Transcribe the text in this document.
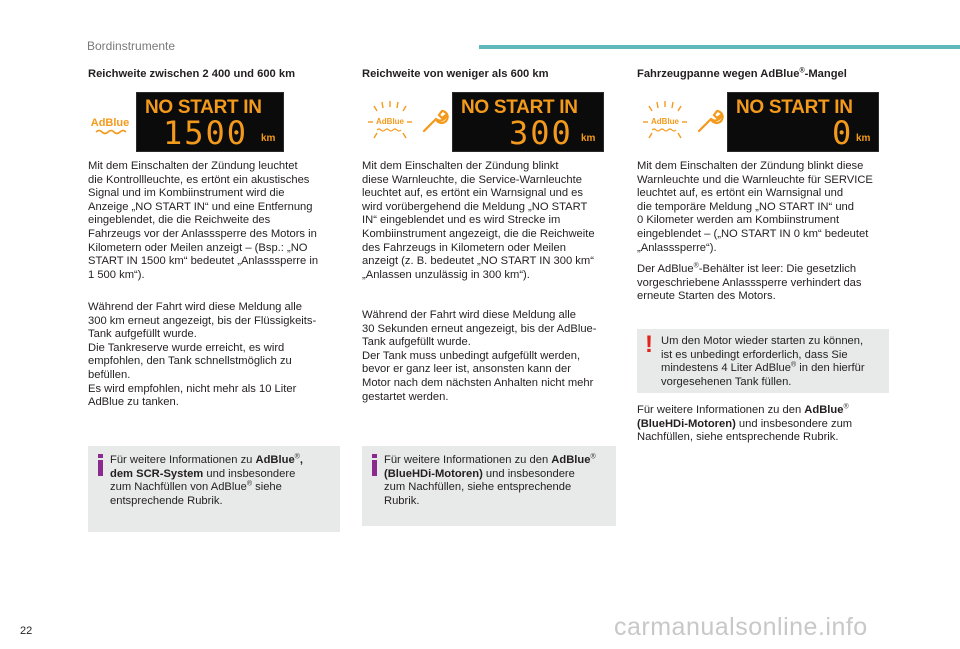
Bordinstrumente

Reichweite zwischen 2 400 und 600 km

AdBlue
NO START IN
1500 km
Mit dem Einschalten der Zündung leuchtet
die Kontrollleuchte, es ertönt ein akustisches
Signal und im Kombiinstrument wird die
Anzeige „NO START IN“ und eine Entfernung
eingeblendet, die die Reichweite des
Fahrzeugs vor der Anlasssperre des Motors in
Kilometern oder Meilen anzeigt – (Bsp.: „NO
START IN 1500 km“ bedeutet „Anlasssperre in
1 500 km“).
Während der Fahrt wird diese Meldung alle
300 km erneut angezeigt, bis der Flüssigkeits-
Tank aufgefüllt wurde.
Die Tankreserve wurde erreicht, es wird
empfohlen, den Tank schnellstmöglich zu
befüllen.
Es wird empfohlen, nicht mehr als 10 Liter
AdBlue zu tanken.
Für weitere Informationen zu AdBlue®,
dem SCR-System und insbesondere
zum Nachfüllen von AdBlue® siehe
entsprechende Rubrik.

Reichweite von weniger als 600 km

AdBlue
NO START IN
300 km
Mit dem Einschalten der Zündung blinkt
diese Warnleuchte, die Service-Warnleuchte
leuchtet auf, es ertönt ein Warnsignal und es
wird vorübergehend die Meldung „NO START
IN“ eingeblendet und es wird Strecke im
Kombiinstrument angezeigt, die die Reichweite
des Fahrzeugs in Kilometern oder Meilen
anzeigt (z. B. bedeutet „NO START IN 300 km“
„Anlassen unzulässig in 300 km“).
Während der Fahrt wird diese Meldung alle
30 Sekunden erneut angezeigt, bis der AdBlue-
Tank aufgefüllt wurde.
Der Tank muss unbedingt aufgefüllt werden,
bevor er ganz leer ist, ansonsten kann der
Motor nach dem nächsten Anhalten nicht mehr
gestartet werden.
Für weitere Informationen zu den AdBlue®
(BlueHDi-Motoren) und insbesondere
zum Nachfüllen, siehe entsprechende
Rubrik.

Fahrzeugpanne wegen AdBlue®-Mangel

AdBlue
NO START IN
0 km
Mit dem Einschalten der Zündung blinkt diese
Warnleuchte und die Warnleuchte für SERVICE
leuchtet auf, es ertönt ein Warnsignal und
die temporäre Meldung „NO START IN“ und
0 Kilometer werden am Kombiinstrument
eingeblendet – („NO START IN 0 km“ bedeutet
„Anlasssperre“).
Der AdBlue®-Behälter ist leer: Die gesetzlich
vorgeschriebene Anlasssperre verhindert das
erneute Starten des Motors.
! Um den Motor wieder starten zu können,
ist es unbedingt erforderlich, dass Sie
mindestens 4 Liter AdBlue® in den hierfür
vorgesehenen Tank füllen.
Für weitere Informationen zu den AdBlue®
(BlueHDi-Motoren) und insbesondere zum
Nachfüllen, siehe entsprechende Rubrik.
22	carmanualsonline.info
